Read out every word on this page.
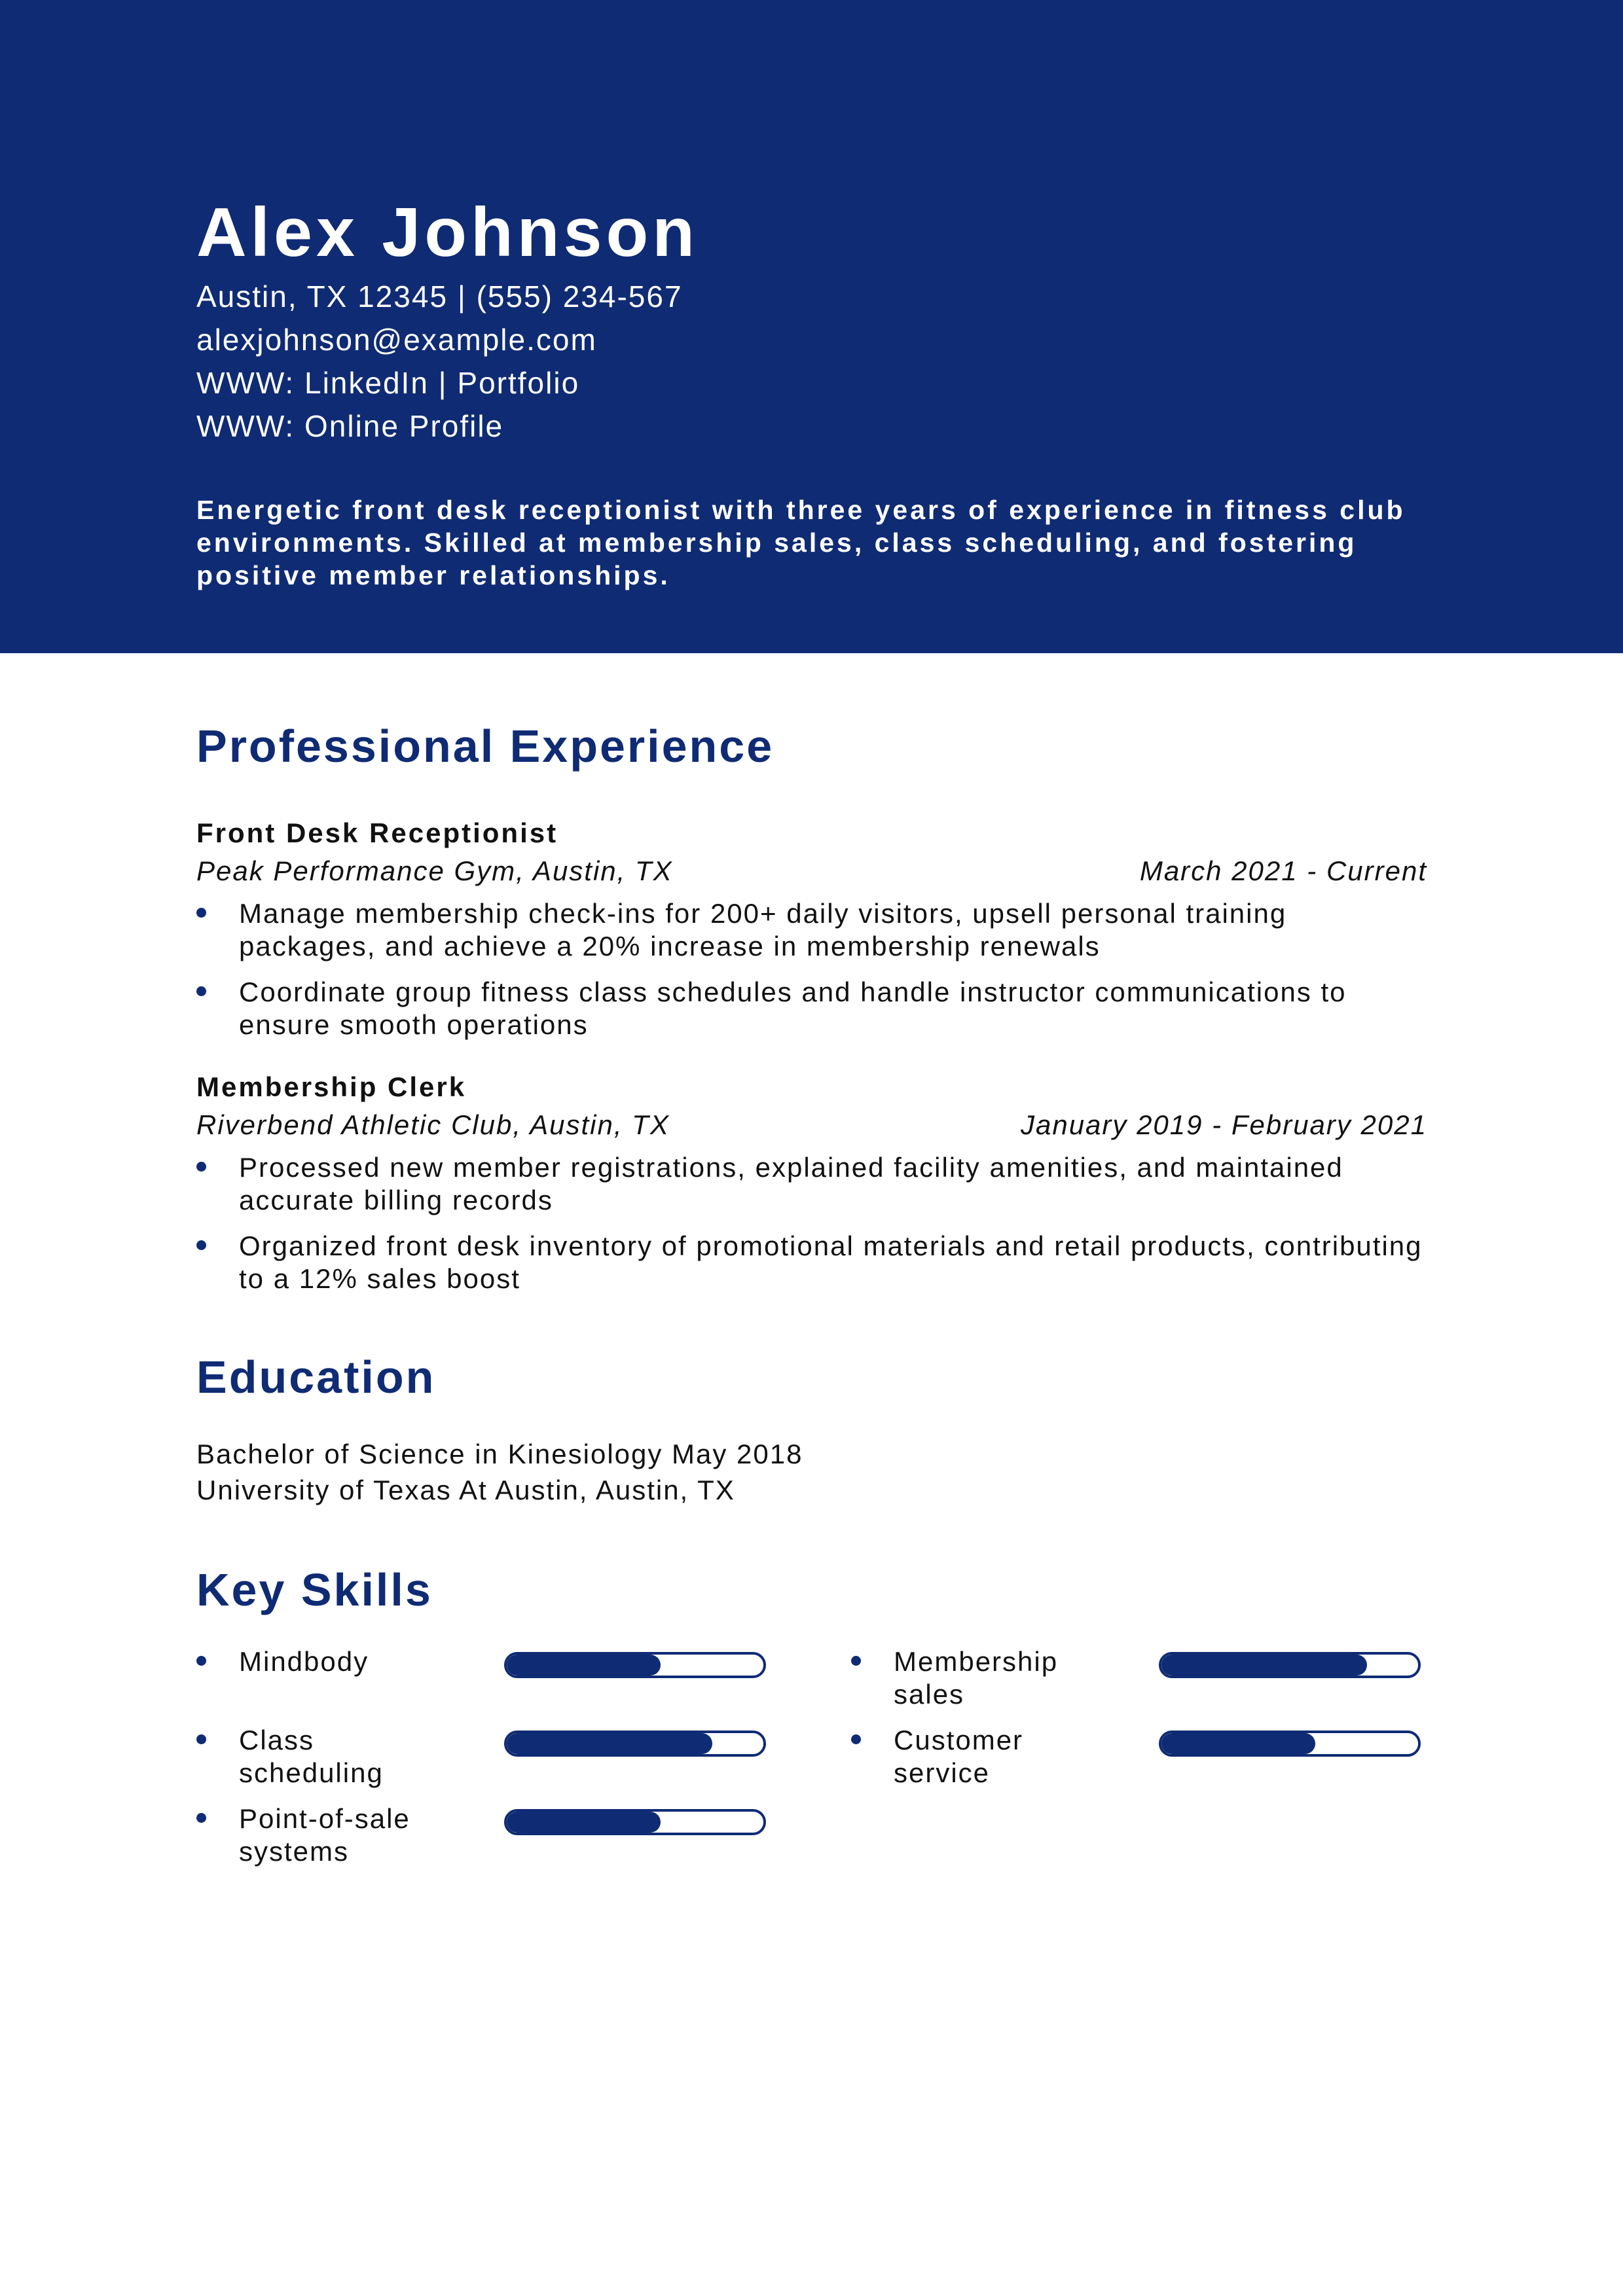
Alex Johnson
Austin, TX 12345 | (555) 234-567
alexjohnson@example.com
WWW: LinkedIn | Portfolio
WWW: Online Profile
Energetic front desk receptionist with three years of experience in fitness club environments. Skilled at membership sales, class scheduling, and fostering positive member relationships.
Professional Experience
Front Desk Receptionist
Peak Performance Gym, Austin, TX	March 2021 - Current
Manage membership check-ins for 200+ daily visitors, upsell personal training packages, and achieve a 20% increase in membership renewals
Coordinate group fitness class schedules and handle instructor communications to ensure smooth operations
Membership Clerk
Riverbend Athletic Club, Austin, TX	January 2019 - February 2021
Processed new member registrations, explained facility amenities, and maintained accurate billing records
Organized front desk inventory of promotional materials and retail products, contributing to a 12% sales boost
Education
Bachelor of Science in Kinesiology May 2018
University of Texas At Austin, Austin, TX
Key Skills
Mindbody	Membership sales
Class scheduling
Customer service
Point-of-sale systems
